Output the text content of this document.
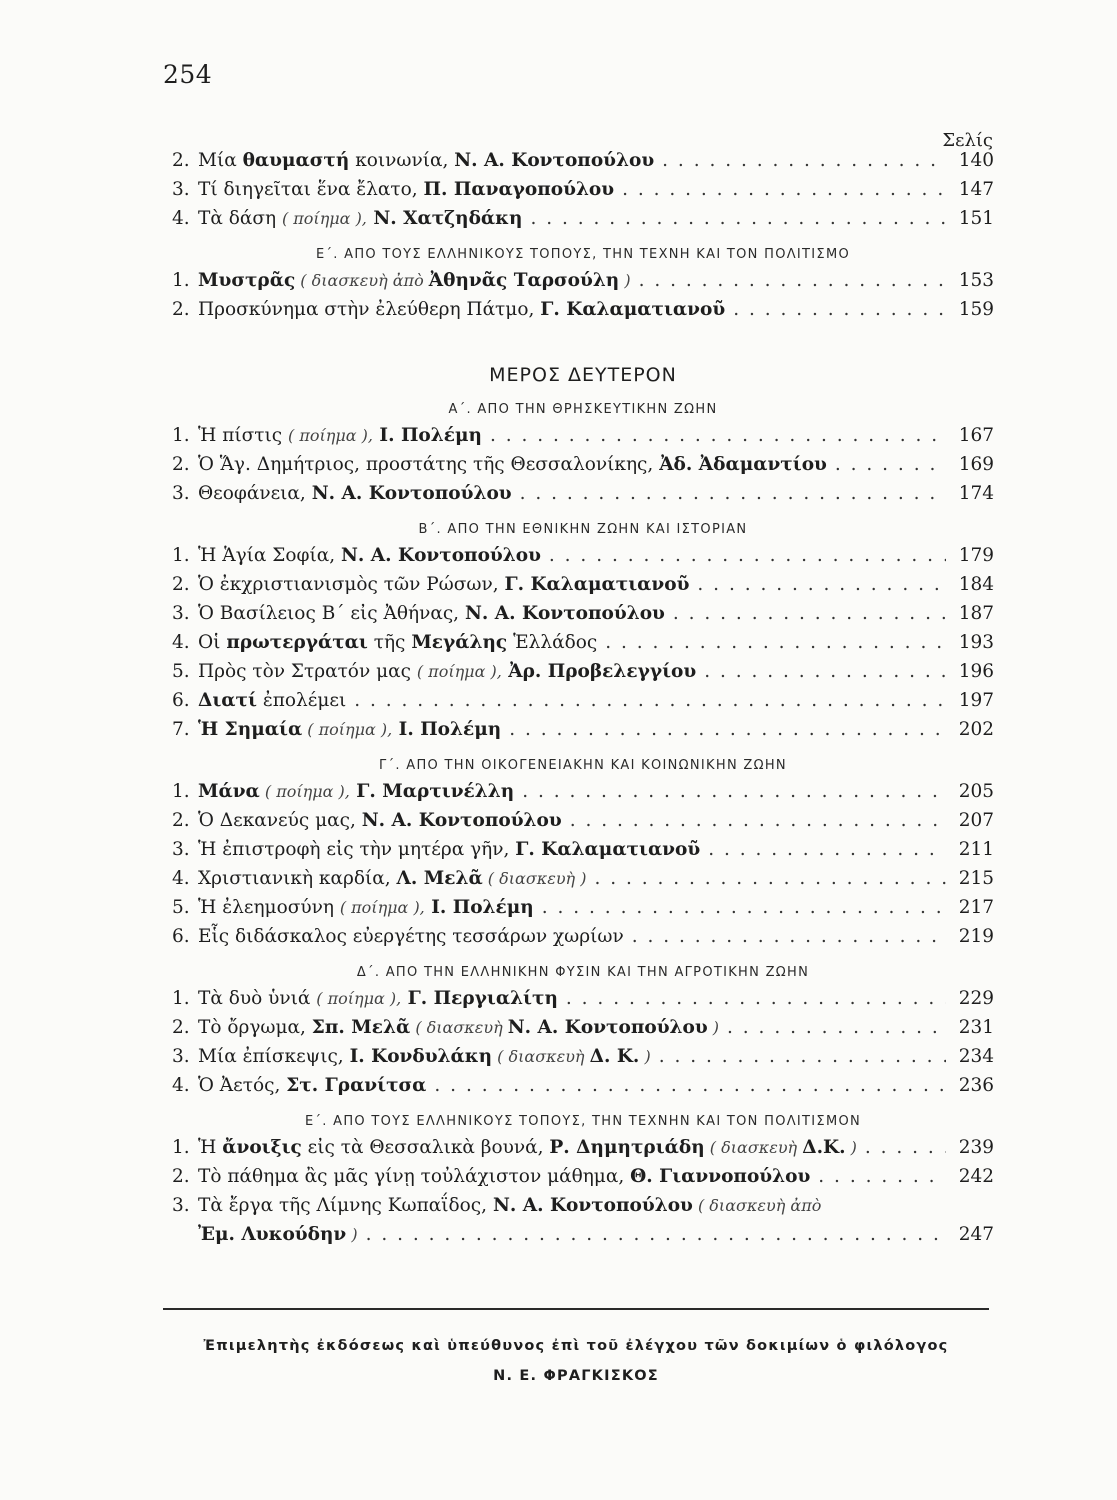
254
Σελίς
2. Μία θαυμαστή κοινωνία, Ν. Α. Κοντοπούλου . . .	140
3. Τί διηγεῖται ἕνα ἔλατο, Π. Παναγοπούλου . . .	147
4. Τὰ δάση ( ποίημα ), Ν. Χατζηδάκη . . .	151
Ε΄. ΑΠΟ ΤΟΥΣ ΕΛΛΗΝΙΚΟΥΣ ΤΟΠΟΥΣ, ΤΗΝ ΤΕΧΝΗ ΚΑΙ ΤΟΝ ΠΟΛΙΤΙΣΜΟ
1. Μυστρᾶς ( διασκευὴ ἀπὸ Ἀθηνᾶς Ταρσούλη ) . . .	153
2. Προσκύνημα στὴν ἐλεύθερη Πάτμο, Γ. Καλαματιανοῦ . . .	159
ΜΕΡΟΣ ΔΕΥΤΕΡΟΝ
Α΄. ΑΠΟ ΤΗΝ ΘΡΗΣΚΕΥΤΙΚΗΝ ΖΩΗΝ
1. Ἡ πίστις ( ποίημα ), Ι. Πολέμη . . .	167
2. Ὁ Ἅγ. Δημήτριος, προστάτης τῆς Θεσσαλονίκης, Ἀδ. Ἀδαμαντίου . . .	169
3. Θεοφάνεια, Ν. Α. Κοντοπούλου . . .	174
Β΄. ΑΠΟ ΤΗΝ ΕΘΝΙΚΗΝ ΖΩΗΝ ΚΑΙ ΙΣΤΟΡΙΑΝ
1. Ἡ Ἁγία Σοφία, Ν. Α. Κοντοπούλου . . .	179
2. Ὁ ἐκχριστιανισμὸς τῶν Ρώσων, Γ. Καλαματιανοῦ . . .	184
3. Ὁ Βασίλειος Β΄ εἰς Ἀθήνας, Ν. Α. Κοντοπούλου . . .	187
4. Οἱ πρωτεργάται τῆς Μεγάλης Ἑλλάδος . . .	193
5. Πρὸς τὸν Στρατόν μας ( ποίημα ), Ἀρ. Προβελεγγίου . . .	196
6. Διατί ἐπολέμει . . .	197
7. Ἡ Σημαία ( ποίημα ), Ι. Πολέμη . . .	202
Γ΄. ΑΠΟ ΤΗΝ ΟΙΚΟΓΕΝΕΙΑΚΗΝ ΚΑΙ ΚΟΙΝΩΝΙΚΗΝ ΖΩΗΝ
1. Μάνα ( ποίημα ), Γ. Μαρτινέλλη . . .	205
2. Ὁ Δεκανεύς μας, Ν. Α. Κοντοπούλου . . .	207
3. Ἡ ἐπιστροφὴ εἰς τὴν μητέρα γῆν, Γ. Καλαματιανοῦ . . .	211
4. Χριστιανικὴ καρδία, Λ. Μελᾶ ( διασκευὴ ) . . .	215
5. Ἡ ἐλεημοσύνη ( ποίημα ), Ι. Πολέμη . . .	217
6. Εἷς διδάσκαλος εὐεργέτης τεσσάρων χωρίων . . .	219
Δ΄. ΑΠΟ ΤΗΝ ΕΛΛΗΝΙΚΗΝ ΦΥΣΙΝ ΚΑΙ ΤΗΝ ΑΓΡΟΤΙΚΗΝ ΖΩΗΝ
1. Τὰ δυὸ ὑνιά ( ποίημα ), Γ. Περγιαλίτη . . .	229
2. Τὸ ὄργωμα, Σπ. Μελᾶ ( διασκευὴ Ν. Α. Κοντοπούλου ) . . .	231
3. Μία ἐπίσκεψις, Ι. Κονδυλάκη ( διασκευὴ Δ. Κ. ) . . .	234
4. Ὁ Ἀετός, Στ. Γρανίτσα . . .	236
Ε΄. ΑΠΟ ΤΟΥΣ ΕΛΛΗΝΙΚΟΥΣ ΤΟΠΟΥΣ, ΤΗΝ ΤΕΧΝΗΝ ΚΑΙ ΤΟΝ ΠΟΛΙΤΙΣΜΟΝ
1. Ἡ ἄνοιξις εἰς τὰ Θεσσαλικὰ βουνά, Ρ. Δημητριάδη ( διασκευὴ Δ.Κ. ) . . .	239
2. Τὸ πάθημα ἂς μᾶς γίνῃ τοὐλάχιστον μάθημα, Θ. Γιαννοπούλου . . .	242
3. Τὰ ἔργα τῆς Λίμνης Κωπαΐδος, Ν. Α. Κοντοπούλου ( διασκευὴ ἀπὸ
Ἐμ. Λυκούδην ) . . .	247
Ἐπιμελητὴς ἐκδόσεως καὶ ὑπεύθυνος ἐπὶ τοῦ ἐλέγχου τῶν δοκιμίων ὁ φιλόλογος
Ν. Ε. ΦΡΑΓΚΙΣΚΟΣ
